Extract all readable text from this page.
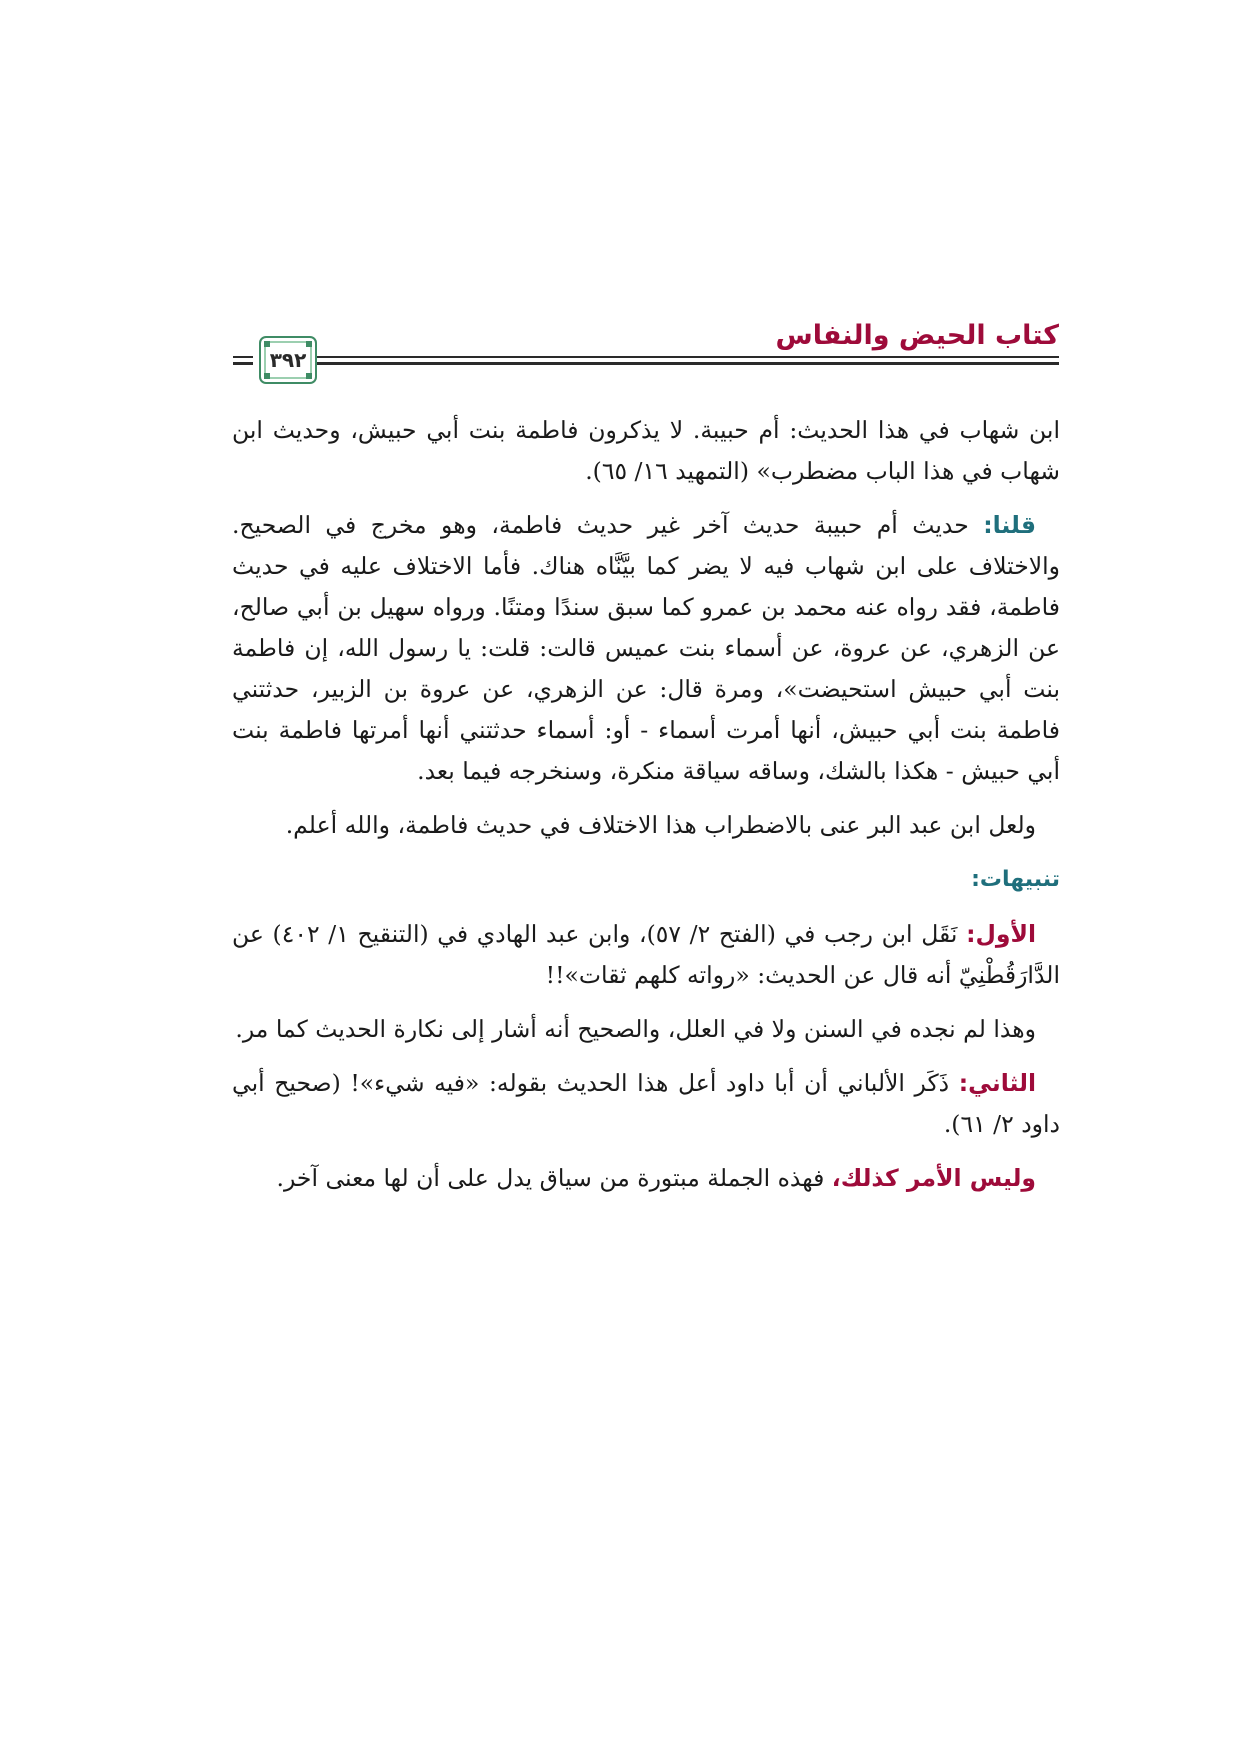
كتاب الحيض والنفاس
٣٩٢

ابن شهاب في هذا الحديث: أم حبيبة. لا يذكرون فاطمة بنت أبي حبيش، وحديث ابن شهاب في هذا الباب مضطرب» (التمهيد ١٦/ ٦٥).

قلنا: حديث أم حبيبة حديث آخر غير حديث فاطمة، وهو مخرج في الصحيح. والاختلاف على ابن شهاب فيه لا يضر كما بيَّنَّاه هناك. فأما الاختلاف عليه في حديث فاطمة، فقد رواه عنه محمد بن عمرو كما سبق سندًا ومتنًا. ورواه سهيل بن أبي صالح، عن الزهري، عن عروة، عن أسماء بنت عميس قالت: قلت: يا رسول الله، إن فاطمة بنت أبي حبيش استحيضت»، ومرة قال: عن الزهري، عن عروة بن الزبير، حدثتني فاطمة بنت أبي حبيش، أنها أمرت أسماء - أو: أسماء حدثتني أنها أمرتها فاطمة بنت أبي حبيش - هكذا بالشك، وساقه سياقة منكرة، وسنخرجه فيما بعد.

ولعل ابن عبد البر عنى بالاضطراب هذا الاختلاف في حديث فاطمة، والله أعلم.

تنبيهات:

الأول: نَقَل ابن رجب في (الفتح ٢/ ٥٧)، وابن عبد الهادي في (التنقيح ١/ ٤٠٢) عن الدَّارَقُطْنِيّ أنه قال عن الحديث: «رواته كلهم ثقات»!!

وهذا لم نجده في السنن ولا في العلل، والصحيح أنه أشار إلى نكارة الحديث كما مر.

الثاني: ذَكَر الألباني أن أبا داود أعل هذا الحديث بقوله: «فيه شيء»! (صحيح أبي داود ٢/ ٦١).

وليس الأمر كذلك، فهذه الجملة مبتورة من سياق يدل على أن لها معنى آخر.
